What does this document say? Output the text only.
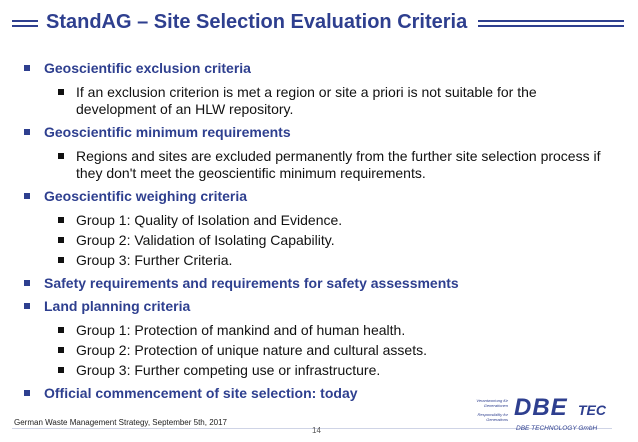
StandAG – Site Selection Evaluation Criteria
Geoscientific exclusion criteria
If an exclusion criterion is met a region or site a priori is not suitable for the development of an HLW repository.
Geoscientific minimum requirements
Regions and sites are excluded permanently from the further site selection process if they don't meet the geoscientific minimum requirements.
Geoscientific weighing criteria
Group 1: Quality of Isolation and Evidence.
Group 2: Validation of Isolating Capability.
Group 3: Further Criteria.
Safety requirements and requirements for safety assessments
Land planning criteria
Group 1: Protection of mankind and of human health.
Group 2: Protection of unique nature and cultural assets.
Group 3: Further competing use or infrastructure.
Official commencement of site selection: today
German Waste Management Strategy, September 5th, 2017
14
Verantwortung für Generationen
Responsibility for Generations DBE TEC
DBE TECHNOLOGY GmbH
